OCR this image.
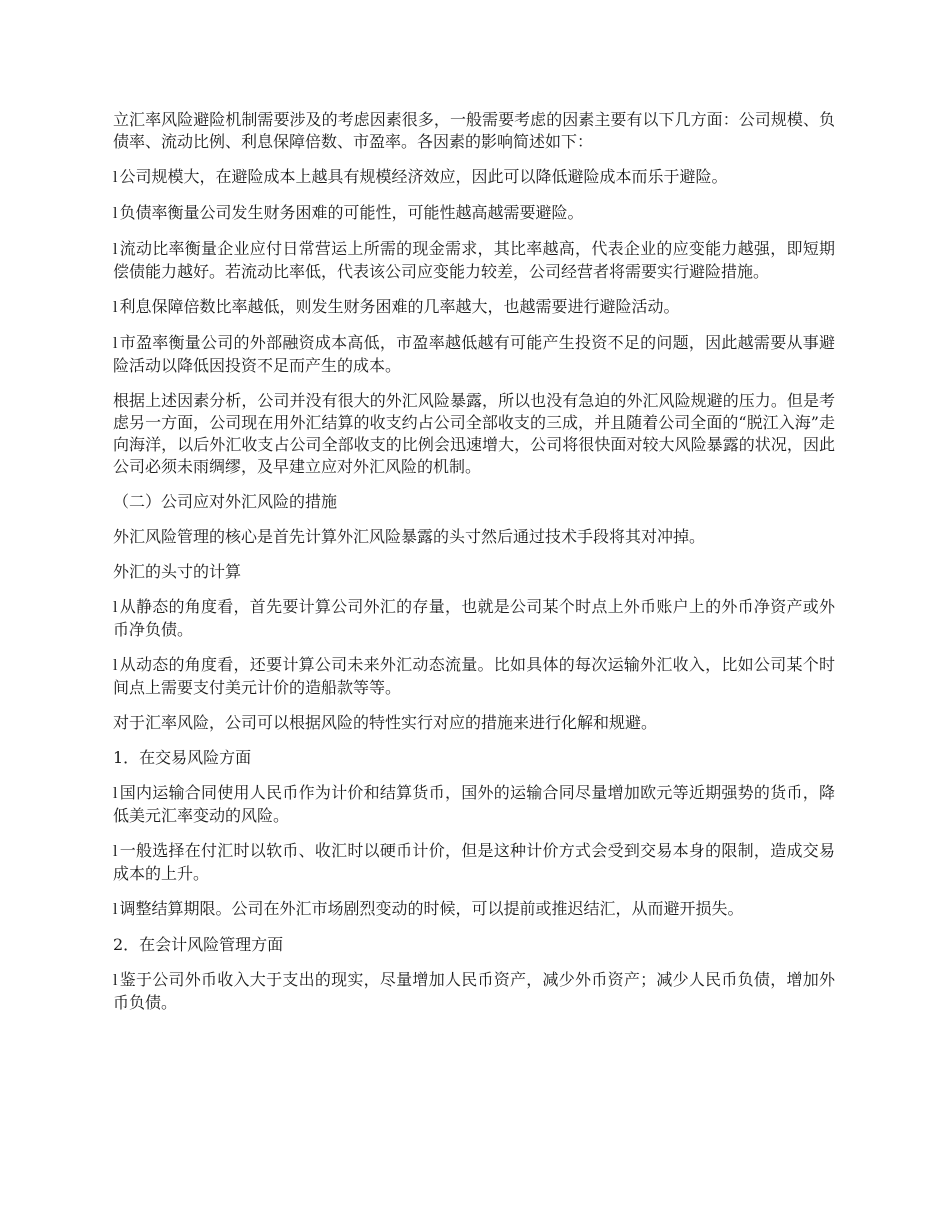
立汇率风险避险机制需要涉及的考虑因素很多，一般需要考虑的因素主要有以下几方面：公司规模、负债率、流动比例、利息保障倍数、市盈率。各因素的影响简述如下：

l 公司规模大，在避险成本上越具有规模经济效应，因此可以降低避险成本而乐于避险。

l 负债率衡量公司发生财务困难的可能性，可能性越高越需要避险。

l 流动比率衡量企业应付日常营运上所需的现金需求，其比率越高，代表企业的应变能力越强，即短期偿债能力越好。若流动比率低，代表该公司应变能力较差，公司经营者将需要实行避险措施。

l 利息保障倍数比率越低，则发生财务困难的几率越大，也越需要进行避险活动。

l 市盈率衡量公司的外部融资成本高低，市盈率越低越有可能产生投资不足的问题，因此越需要从事避险活动以降低因投资不足而产生的成本。

根据上述因素分析，公司并没有很大的外汇风险暴露，所以也没有急迫的外汇风险规避的压力。但是考虑另一方面，公司现在用外汇结算的收支约占公司全部收支的三成，并且随着公司全面的“脱江入海”走向海洋，以后外汇收支占公司全部收支的比例会迅速增大，公司将很快面对较大风险暴露的状况，因此公司必须未雨绸缪，及早建立应对外汇风险的机制。

（二）公司应对外汇风险的措施

外汇风险管理的核心是首先计算外汇风险暴露的头寸然后通过技术手段将其对冲掉。

外汇的头寸的计算

l 从静态的角度看，首先要计算公司外汇的存量，也就是公司某个时点上外币账户上的外币净资产或外币净负债。

l 从动态的角度看，还要计算公司未来外汇动态流量。比如具体的每次运输外汇收入，比如公司某个时间点上需要支付美元计价的造船款等等。

对于汇率风险，公司可以根据风险的特性实行对应的措施来进行化解和规避。

1．在交易风险方面

l 国内运输合同使用人民币作为计价和结算货币，国外的运输合同尽量增加欧元等近期强势的货币，降低美元汇率变动的风险。

l 一般选择在付汇时以软币、收汇时以硬币计价，但是这种计价方式会受到交易本身的限制，造成交易成本的上升。

l 调整结算期限。公司在外汇市场剧烈变动的时候，可以提前或推迟结汇，从而避开损失。

2．在会计风险管理方面

l 鉴于公司外币收入大于支出的现实，尽量增加人民币资产，减少外币资产；减少人民币负债，增加外币负债。
